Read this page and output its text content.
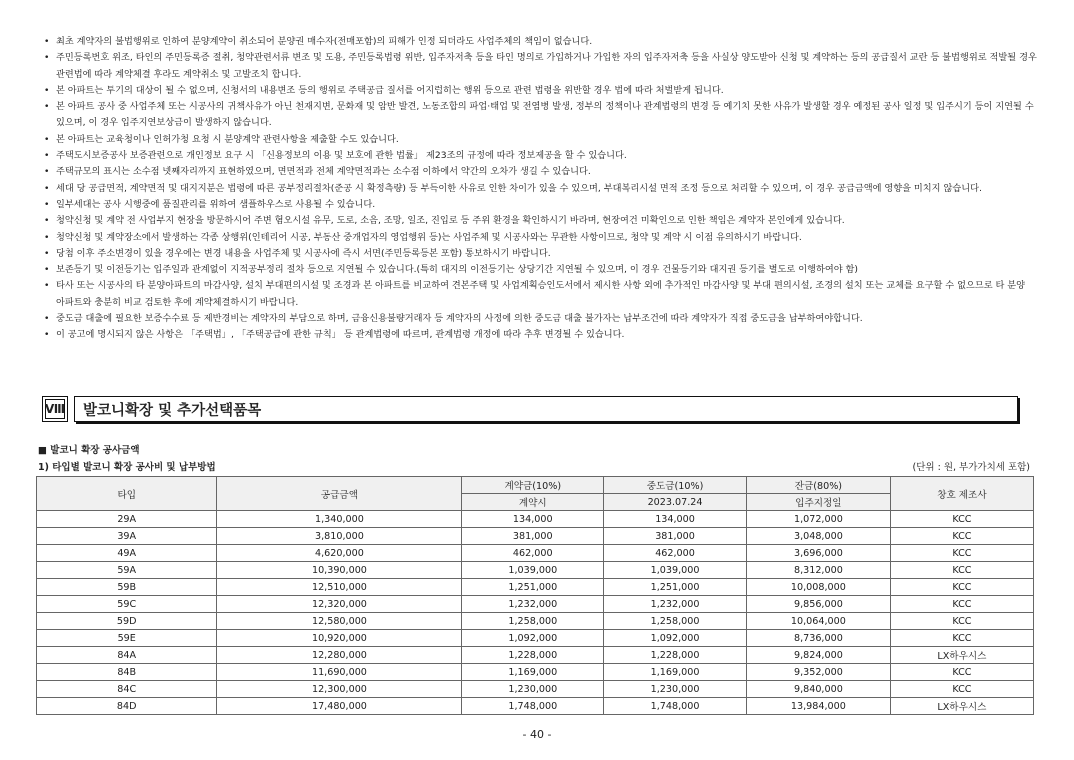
• 최초 계약자의 불법행위로 인하여 분양계약이 취소되어 분양권 매수자(전매포함)의 피해가 인정 되더라도 사업주체의 책임이 없습니다.
• 주민등록번호 위조, 타인의 주민등록증 절취, 청약관련서류 변조 및 도용, 주민등록법령 위반, 입주자저축 등을 타인 명의로 가입하거나 가입한 자의 입주자저축 등을 사실상 양도받아 신청 및 계약하는 등의 공급질서 교란 등 불법행위로 적발될 경우 관련법에 따라 계약체결 후라도 계약취소 및 고발조치 합니다.
• 본 아파트는 투기의 대상이 될 수 없으며, 신청서의 내용변조 등의 행위로 주택공급 질서를 어지럽히는 행위 등으로 관련 법령을 위반할 경우 법에 따라 처벌받게 됩니다.
• 본 아파트 공사 중 사업주체 또는 시공사의 귀책사유가 아닌 천재지변, 문화재 및 암반 발견, 노동조합의 파업·태업 및 전염병 발생, 정부의 정책이나 관계법령의 변경 등 예기치 못한 사유가 발생할 경우 예정된 공사 일정 및 입주시기 등이 지연될 수 있으며, 이 경우 입주지연보상금이 발생하지 않습니다.
• 본 아파트는 교육청이나 인허가청 요청 시 분양계약 관련사항을 제출할 수도 있습니다.
• 주택도시보증공사 보증관련으로 개인정보 요구 시 「신용정보의 이용 및 보호에 관한 법률」 제23조의 규정에 따라 정보제공을 할 수 있습니다.
• 주택규모의 표시는 소수점 넷째자리까지 표현하였으며, 면면적과 전체 계약면적과는 소수점 이하에서 약간의 오차가 생길 수 있습니다.
• 세대 당 공급면적, 계약면적 및 대지지분은 법령에 따른 공부정리절차(준공 시 확정측량) 등 부득이한 사유로 인한 차이가 있을 수 있으며, 부대복리시설 면적 조정 등으로 처리할 수 있으며, 이 경우 공급금액에 영향을 미치지 않습니다.
• 일부세대는 공사 시행중에 품질관리를 위하여 샘플하우스로 사용될 수 있습니다.
• 청약신청 및 계약 전 사업부지 현장을 방문하시어 주변 혐오시설 유무, 도로, 소음, 조망, 일조, 진입로 등 주위 환경을 확인하시기 바라며, 현장여건 미확인으로 인한 책임은 계약자 본인에게 있습니다.
• 청약신청 및 계약장소에서 발생하는 각종 상행위(인테리어 시공, 부동산 중개업자의 영업행위 등)는 사업주체 및 시공사와는 무관한 사항이므로, 청약 및 계약 시 이점 유의하시기 바랍니다.
• 당첨 이후 주소변경이 있을 경우에는 변경 내용을 사업주체 및 시공사에 즉시 서면(주민등록등본 포함) 통보하시기 바랍니다.
• 보존등기 및 이전등기는 입주일과 관계없이 지적공부정리 절차 등으로 지연될 수 있습니다.(특히 대지의 이전등기는 상당기간 지연될 수 있으며, 이 경우 건물등기와 대지권 등기를 별도로 이행하여야 함)
• 타사 또는 시공사의 타 분양아파트의 마감사양, 설치 부대편의시설 및 조경과 본 아파트를 비교하여 견본주택 및 사업계획승인도서에서 제시한 사항 외에 추가적인 마감사양 및 부대 편의시설, 조경의 설치 또는 교체를 요구할 수 없으므로 타 분양 아파트와 충분히 비교 검토한 후에 계약체결하시기 바랍니다.
• 중도금 대출에 필요한 보증수수료 등 제반경비는 계약자의 부담으로 하며, 금융신용불량거래자 등 계약자의 사정에 의한 중도금 대출 불가자는 납부조건에 따라 계약자가 직접 중도금을 납부하여야합니다.
• 이 공고에 명시되지 않은 사항은 「주택법」, 「주택공급에 관한 규칙」 등 관계법령에 따르며, 관계법령 개정에 따라 추후 변경될 수 있습니다.
Ⅷ	발코니확장 및 추가선택품목
■ 발코니 확장 공사금액
1) 타입별 발코니 확장 공사비 및 납부방법	(단위 : 원, 부가가치세 포함)
타입	공급금액	계약금(10%)	중도금(10%)	잔금(80%)	창호 제조사
		계약시	2023.07.24	입주지정일	
29A	1,340,000	134,000	134,000	1,072,000	KCC
39A	3,810,000	381,000	381,000	3,048,000	KCC
49A	4,620,000	462,000	462,000	3,696,000	KCC
59A	10,390,000	1,039,000	1,039,000	8,312,000	KCC
59B	12,510,000	1,251,000	1,251,000	10,008,000	KCC
59C	12,320,000	1,232,000	1,232,000	9,856,000	KCC
59D	12,580,000	1,258,000	1,258,000	10,064,000	KCC
59E	10,920,000	1,092,000	1,092,000	8,736,000	KCC
84A	12,280,000	1,228,000	1,228,000	9,824,000	LX하우시스
84B	11,690,000	1,169,000	1,169,000	9,352,000	KCC
84C	12,300,000	1,230,000	1,230,000	9,840,000	KCC
84D	17,480,000	1,748,000	1,748,000	13,984,000	LX하우시스
- 40 -
